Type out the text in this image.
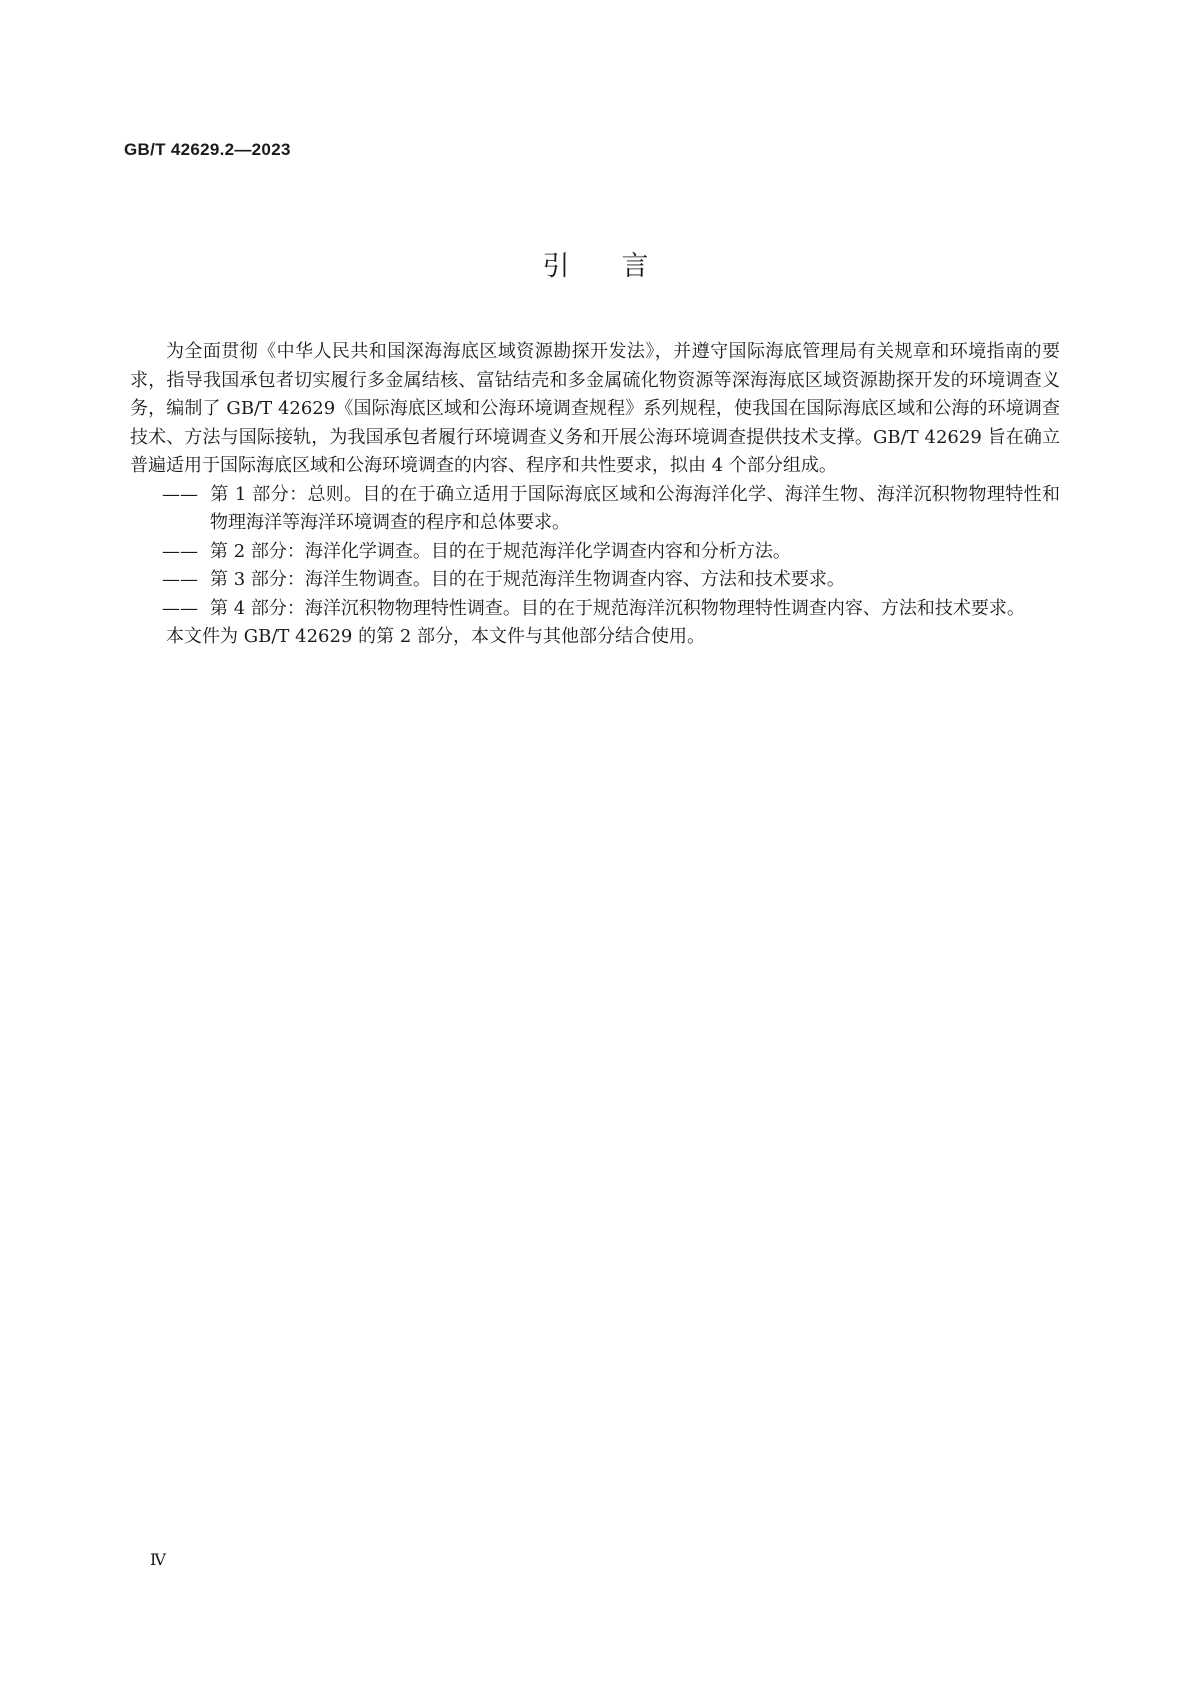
GB/T 42629.2—2023
引言

为全面贯彻《中华人民共和国深海海底区域资源勘探开发法》，并遵守国际海底管理局有关规章和环境指南的要求，指导我国承包者切实履行多金属结核、富钴结壳和多金属硫化物资源等深海海底区域资源勘探开发的环境调查义务，编制了 GB/T 42629《国际海底区域和公海环境调查规程》系列规程，使我国在国际海底区域和公海的环境调查技术、方法与国际接轨，为我国承包者履行环境调查义务和开展公海环境调查提供技术支撑。GB/T 42629 旨在确立普遍适用于国际海底区域和公海环境调查的内容、程序和共性要求，拟由 4 个部分组成。

—— 第 1 部分：总则。目的在于确立适用于国际海底区域和公海海洋化学、海洋生物、海洋沉积物物理特性和物理海洋等海洋环境调查的程序和总体要求。

—— 第 2 部分：海洋化学调查。目的在于规范海洋化学调查内容和分析方法。

—— 第 3 部分：海洋生物调查。目的在于规范海洋生物调查内容、方法和技术要求。

—— 第 4 部分：海洋沉积物物理特性调查。目的在于规范海洋沉积物物理特性调查内容、方法和技术要求。

本文件为 GB/T 42629 的第 2 部分，本文件与其他部分结合使用。

Ⅳ
